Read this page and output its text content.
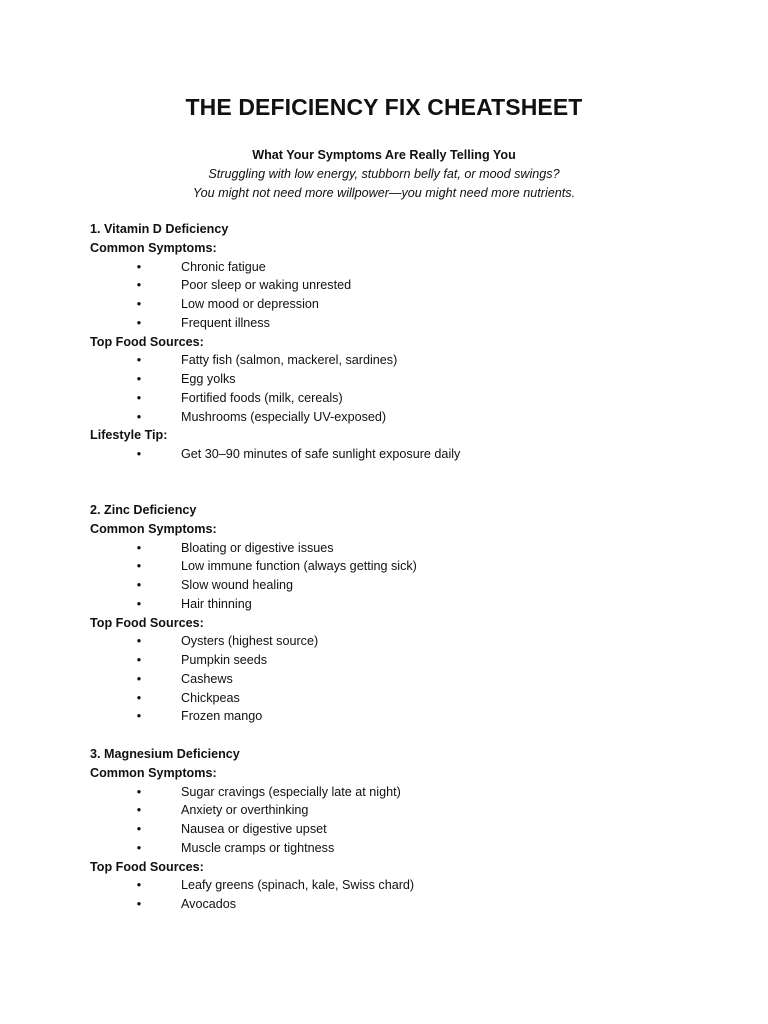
THE DEFICIENCY FIX CHEATSHEET
What Your Symptoms Are Really Telling You
Struggling with low energy, stubborn belly fat, or mood swings?
You might not need more willpower—you might need more nutrients.
1. Vitamin D Deficiency
Common Symptoms:
•	Chronic fatigue
•	Poor sleep or waking unrested
•	Low mood or depression
•	Frequent illness
Top Food Sources:
•	Fatty fish (salmon, mackerel, sardines)
•	Egg yolks
•	Fortified foods (milk, cereals)
•	Mushrooms (especially UV-exposed)
Lifestyle Tip:
•	Get 30–90 minutes of safe sunlight exposure daily
2. Zinc Deficiency
Common Symptoms:
•	Bloating or digestive issues
•	Low immune function (always getting sick)
•	Slow wound healing
•	Hair thinning
Top Food Sources:
•	Oysters (highest source)
•	Pumpkin seeds
•	Cashews
•	Chickpeas
•	Frozen mango
3. Magnesium Deficiency
Common Symptoms:
•	Sugar cravings (especially late at night)
•	Anxiety or overthinking
•	Nausea or digestive upset
•	Muscle cramps or tightness
Top Food Sources:
•	Leafy greens (spinach, kale, Swiss chard)
•	Avocados
